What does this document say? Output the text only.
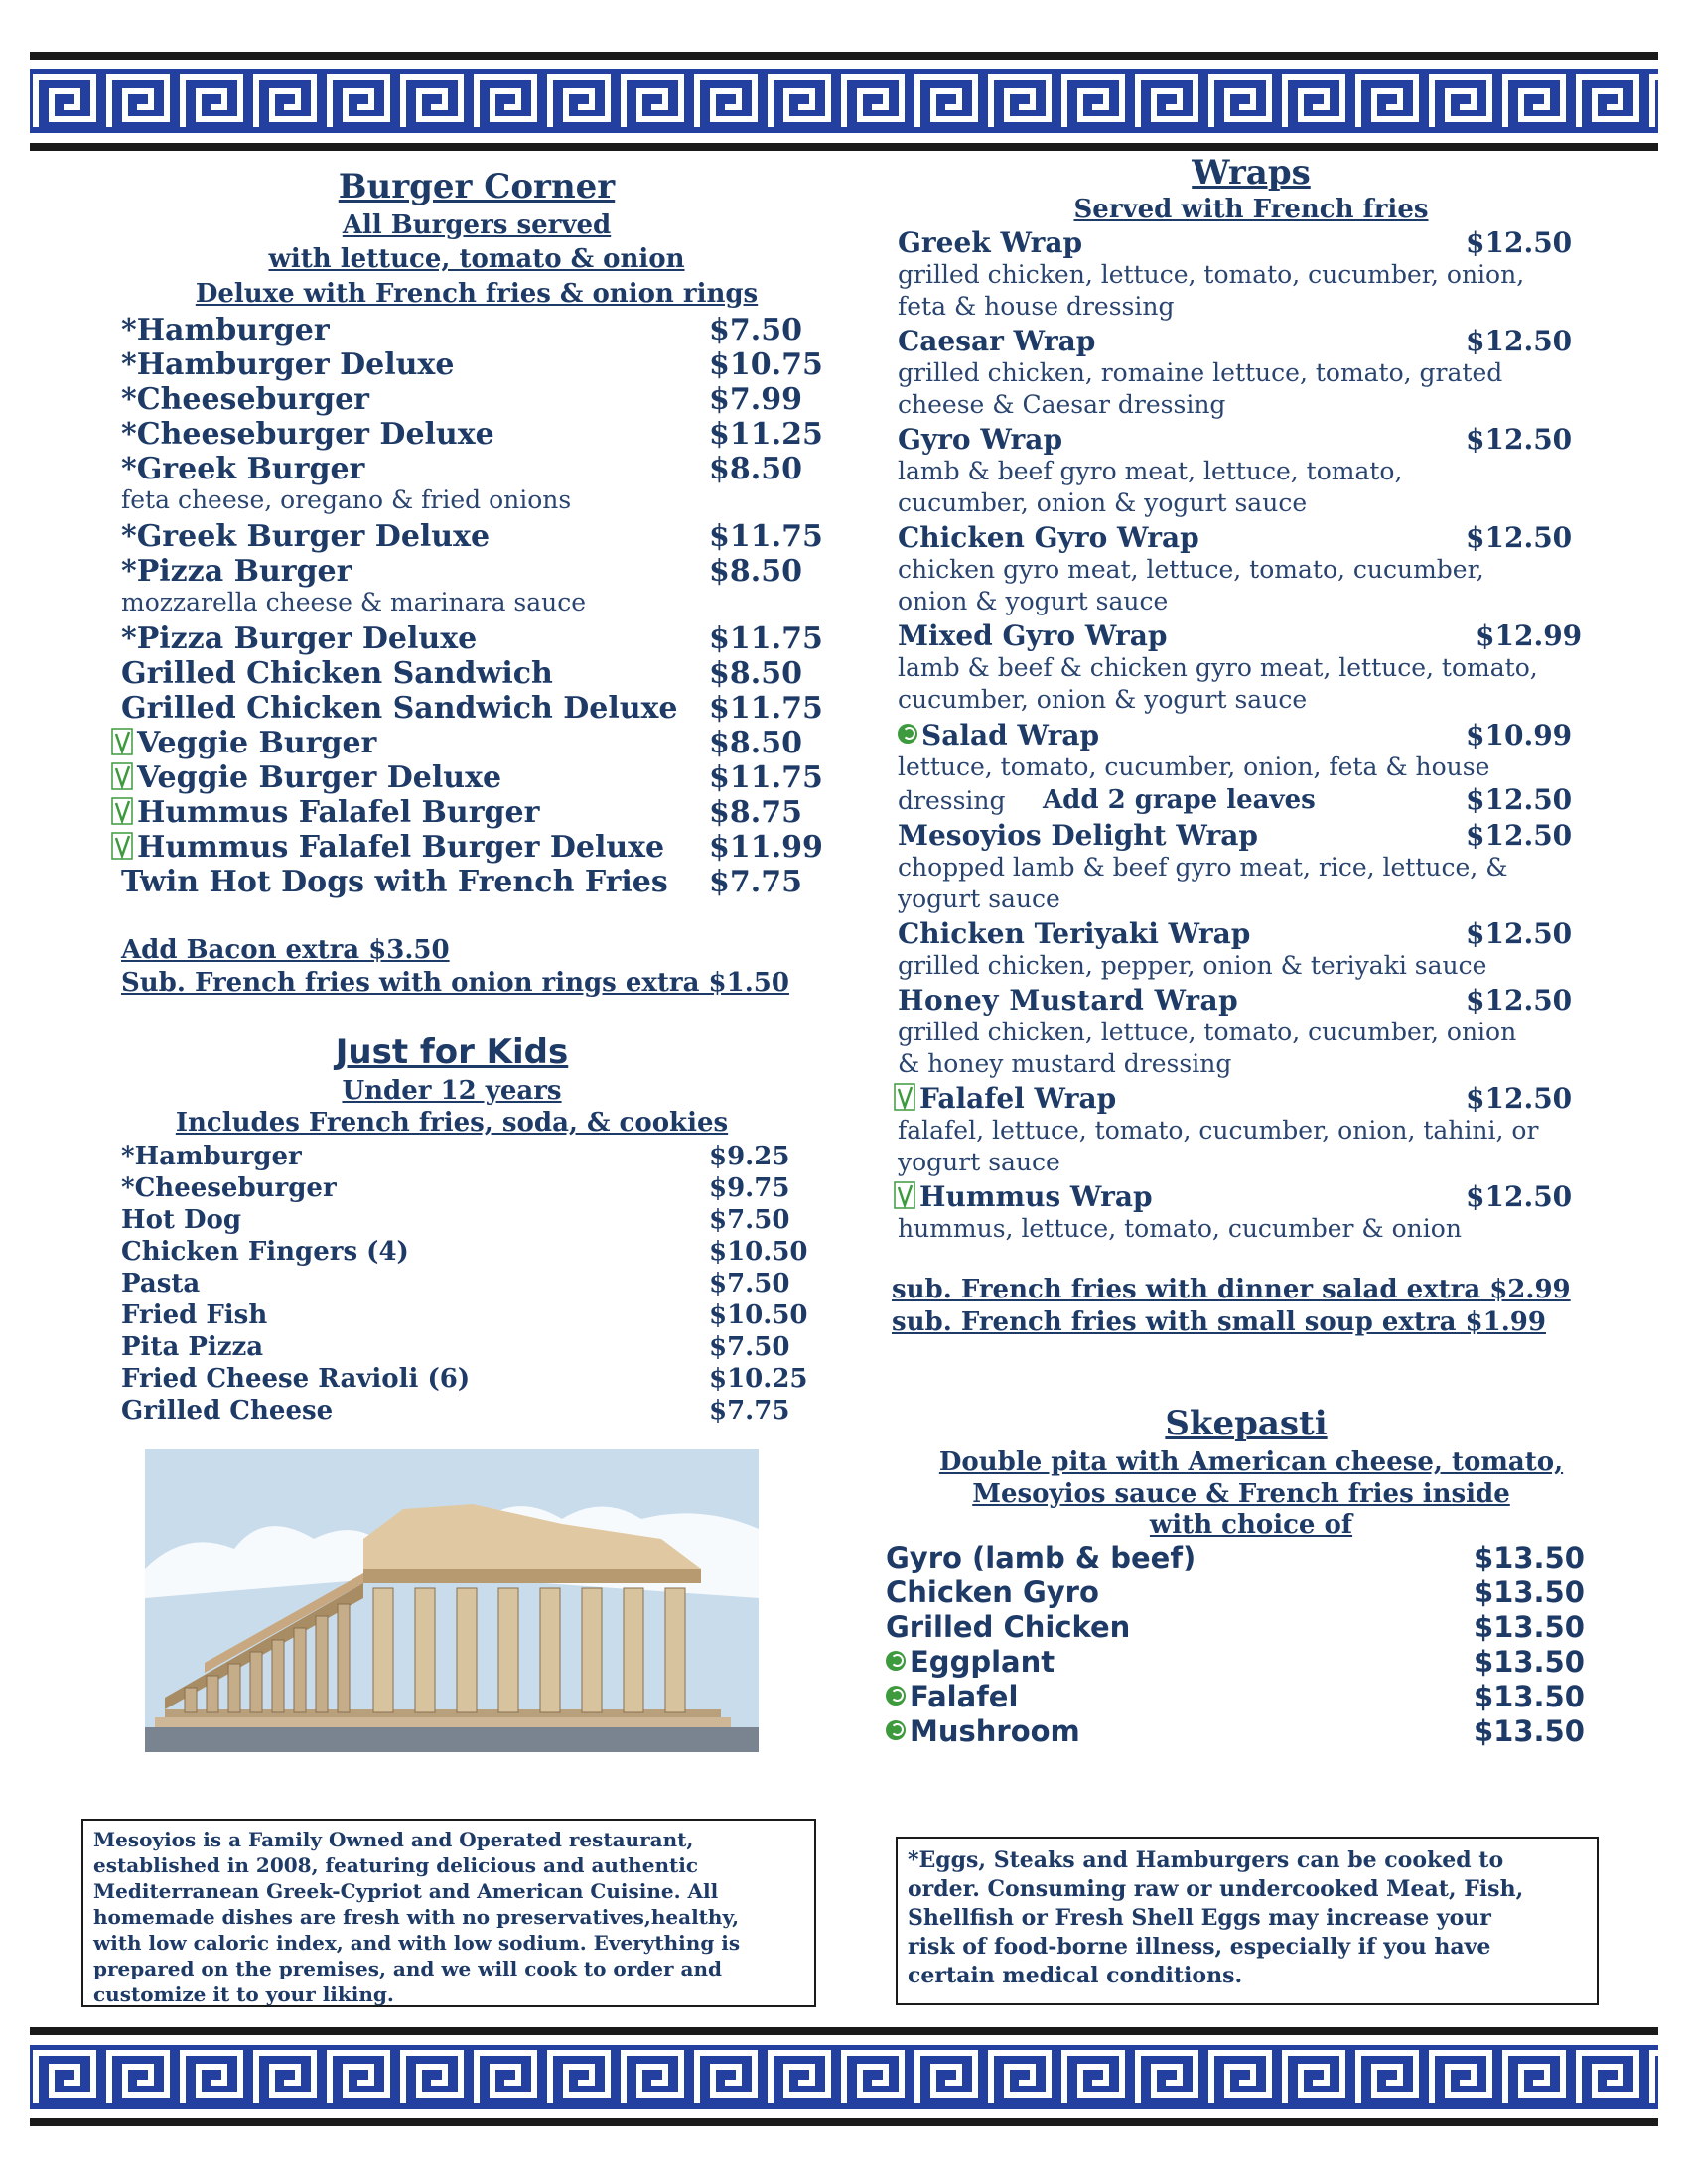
Burger Corner
All Burgers served
with lettuce, tomato & onion
Deluxe with French fries & onion rings
*Hamburger	$7.50
*Hamburger Deluxe	$10.75
*Cheeseburger	$7.99
*Cheeseburger Deluxe	$11.25
*Greek Burger	$8.50
feta cheese, oregano & fried onions
*Greek Burger Deluxe	$11.75
*Pizza Burger	$8.50
mozzarella cheese & marinara sauce
*Pizza Burger Deluxe	$11.75
Grilled Chicken Sandwich	$8.50
Grilled Chicken Sandwich Deluxe $11.75
Veggie Burger	$8.50
Veggie Burger Deluxe	$11.75
Hummus Falafel Burger	$8.75
Hummus Falafel Burger Deluxe $11.99
Twin Hot Dogs with French Fries $7.75
Add Bacon extra $3.50
Sub. French fries with onion rings extra $1.50
Just for Kids
Under 12 years
Includes French fries, soda, & cookies
*Hamburger	$9.25
*Cheeseburger	$9.75
Hot Dog	$7.50
Chicken Fingers (4)	$10.50
Pasta	$7.50
Fried Fish	$10.50
Pita Pizza	$7.50
Fried Cheese Ravioli (6)	$10.25
Grilled Cheese	$7.75
Wraps
Served with French fries
Greek Wrap	$12.50
grilled chicken, lettuce, tomato, cucumber, onion,
feta & house dressing
Caesar Wrap	$12.50
grilled chicken, romaine lettuce, tomato, grated
cheese & Caesar dressing
Gyro Wrap	$12.50
lamb & beef gyro meat, lettuce, tomato,
cucumber, onion & yogurt sauce
Chicken Gyro Wrap	$12.50
chicken gyro meat, lettuce, tomato, cucumber,
onion & yogurt sauce
Mixed Gyro Wrap	$12.99
lamb & beef & chicken gyro meat, lettuce, tomato,
cucumber, onion & yogurt sauce
Salad Wrap	$10.99
lettuce, tomato, cucumber, onion, feta & house
dressing Add 2 grape leaves	$12.50
Mesoyios Delight Wrap	$12.50
chopped lamb & beef gyro meat, rice, lettuce, &
yogurt sauce
Chicken Teriyaki Wrap	$12.50
grilled chicken, pepper, onion & teriyaki sauce
Honey Mustard Wrap	$12.50
grilled chicken, lettuce, tomato, cucumber, onion
& honey mustard dressing
Falafel Wrap	$12.50
falafel, lettuce, tomato, cucumber, onion, tahini, or
yogurt sauce
Hummus Wrap	$12.50
hummus, lettuce, tomato, cucumber & onion
sub. French fries with dinner salad extra $2.99
sub. French fries with small soup extra $1.99
Skepasti
Double pita with American cheese, tomato,
Mesoyios sauce & French fries inside
with choice of
Gyro (lamb & beef)	$13.50
Chicken Gyro	$13.50
Grilled Chicken	$13.50
Eggplant	$13.50
Falafel	$13.50
Mushroom	$13.50
Mesoyios is a Family Owned and Operated restaurant,
established in 2008, featuring delicious and authentic
Mediterranean Greek-Cypriot and American Cuisine. All
homemade dishes are fresh with no preservatives,healthy,
with low caloric index, and with low sodium. Everything is
prepared on the premises, and we will cook to order and
customize it to your liking.
*Eggs, Steaks and Hamburgers can be cooked to
order. Consuming raw or undercooked Meat, Fish,
Shellfish or Fresh Shell Eggs may increase your
risk of food-borne illness, especially if you have
certain medical conditions.
